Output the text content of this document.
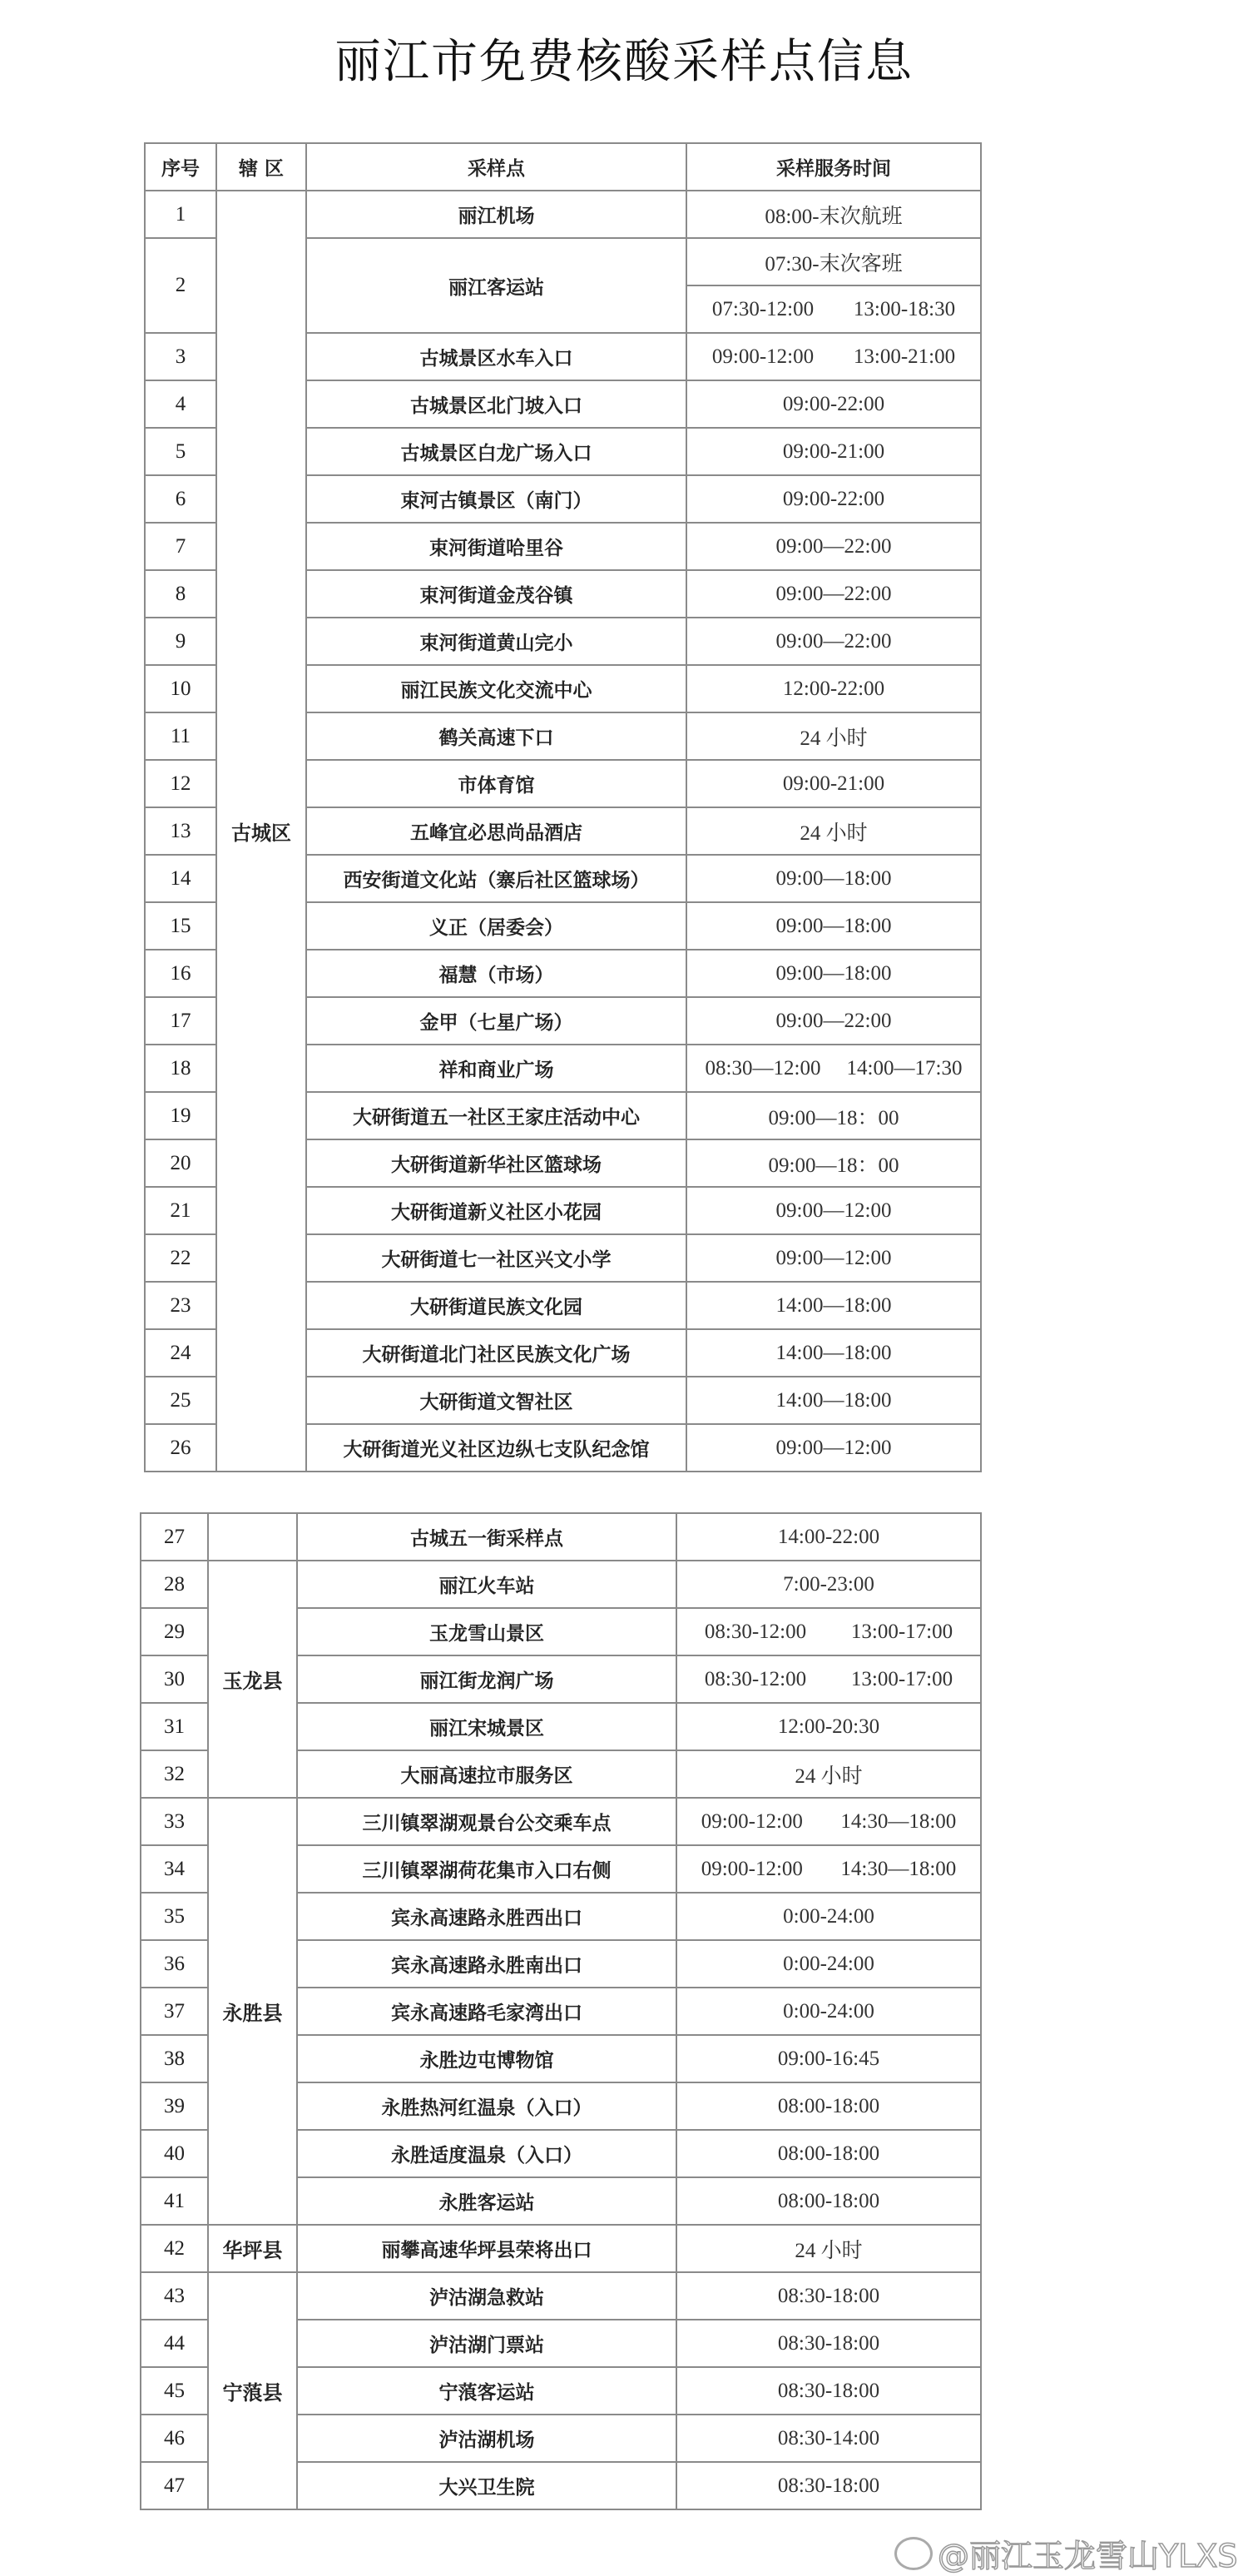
丽江市免费核酸采样点信息
序号	辖 区	采样点	采样服务时间
1	古城区	丽江机场	08:00-末次航班
2		丽江客运站	07:30-末次客班

			07:30-12:00 13:00-18:30

3		古城景区水车入口	09:00-12:00 13:00-21:00

4		古城景区北门坡入口	09:00-22:00
5		古城景区白龙广场入口	09:00-21:00
6		束河古镇景区（南门）	09:00-22:00
7		束河街道哈里谷	09:00—22:00
8		束河街道金茂谷镇	09:00—22:00
9		束河街道黄山完小	09:00—22:00
10		丽江民族文化交流中心	12:00-22:00
11		鹤关高速下口	24 小时
12		市体育馆	09:00-21:00
13		五峰宜必思尚品酒店	24 小时
14		西安街道文化站（寨后社区篮球场）	09:00—18:00
15		义正（居委会）	09:00—18:00
16		福慧（市场）	09:00—18:00
17		金甲（七星广场）	09:00—22:00
18		祥和商业广场	08:30—12:00 14:00—17:30

19		大研街道五一社区王家庄活动中心	09:00—18：00
20		大研街道新华社区篮球场	09:00—18：00
21		大研街道新义社区小花园	09:00—12:00
22		大研街道七一社区兴文小学	09:00—12:00
23		大研街道民族文化园	14:00—18:00
24		大研街道北门社区民族文化广场	14:00—18:00
25		大研街道文智社区	14:00—18:00
26		大研街道光义社区边纵七支队纪念馆	09:00—12:00
27		古城五一街采样点	14:00-22:00
28	玉龙县	丽江火车站	7:00-23:00
29		玉龙雪山景区	08:30-12:00 13:00-17:00

30		丽江街龙润广场	08:30-12:00 13:00-17:00

31		丽江宋城景区	12:00-20:30
32		大丽高速拉市服务区	24 小时
33	永胜县	三川镇翠湖观景台公交乘车点	09:00-12:00 14:30—18:00

34		三川镇翠湖荷花集市入口右侧	09:00-12:00 14:30—18:00

35		宾永高速路永胜西出口	0:00-24:00
36		宾永高速路永胜南出口	0:00-24:00
37		宾永高速路毛家湾出口	0:00-24:00
38		永胜边屯博物馆	09:00-16:45
39		永胜热河红温泉（入口）	08:00-18:00
40		永胜适度温泉（入口）	08:00-18:00
41		永胜客运站	08:00-18:00
42	华坪县	丽攀高速华坪县荣将出口	24 小时
43	宁蒗县	泸沽湖急救站	08:30-18:00
44		泸沽湖门票站	08:30-18:00
45		宁蒗客运站	08:30-18:00
46		泸沽湖机场	08:30-14:00
47		大兴卫生院	08:30-18:00
@丽江玉龙雪山YLXS
